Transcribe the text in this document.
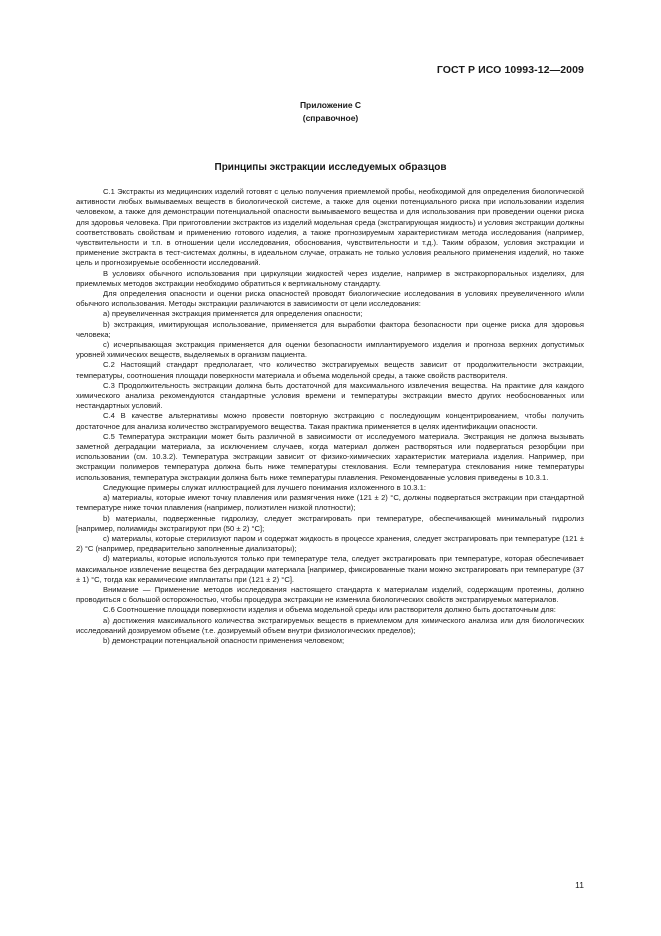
ГОСТ Р ИСО 10993-12—2009
Приложение С
(справочное)
Принципы экстракции исследуемых образцов

С.1 Экстракты из медицинских изделий готовят с целью получения приемлемой пробы, необходимой для определения биологической активности любых вымываемых веществ в биологической системе, а также для оценки потенциального риска при использовании изделия человеком, а также для демонстрации потенциальной опасности вымываемого вещества и для использования при проведении оценки риска для здоровья человека. При приготовлении экстрактов из изделий модельная среда (экстрагирующая жидкость) и условия экстракции должны соответствовать свойствам и применению готового изделия, а также прогнозируемым характеристикам метода исследования (например, чувствительности и т.п. в отношении цели исследования, обоснования, чувствительности и т.д.). Таким образом, условия экстракции и применение экстракта в тест-системах должны, в идеальном случае, отражать не только условия реального применения изделий, но также цель и прогнозируемые особенности исследований.

В условиях обычного использования при циркуляции жидкостей через изделие, например в экстракорпоральных изделиях, для приемлемых методов экстракции необходимо обратиться к вертикальному стандарту.

Для определения опасности и оценки риска опасностей проводят биологические исследования в условиях преувеличенного и/или обычного использования. Методы экстракции различаются в зависимости от цели исследования:

a) преувеличенная экстракция применяется для определения опасности;

b) экстракция, имитирующая использование, применяется для выработки фактора безопасности при оценке риска для здоровья человека;

c) исчерпывающая экстракция применяется для оценки безопасности имплантируемого изделия и прогноза верхних допустимых уровней химических веществ, выделяемых в организм пациента.

С.2 Настоящий стандарт предполагает, что количество экстрагируемых веществ зависит от продолжительности экстракции, температуры, соотношения площади поверхности материала и объема модельной среды, а также свойств растворителя.

С.3 Продолжительность экстракции должна быть достаточной для максимального извлечения вещества. На практике для каждого химического анализа рекомендуются стандартные условия времени и температуры экстракции вместо других необоснованных или нестандартных условий.

С.4 В качестве альтернативы можно провести повторную экстракцию с последующим концентрированием, чтобы получить достаточное для анализа количество экстрагируемого вещества. Такая практика применяется в целях идентификации опасности.

С.5 Температура экстракции может быть различной в зависимости от исследуемого материала. Экстракция не должна вызывать заметной деградации материала, за исключением случаев, когда материал должен растворяться или подвергаться резорбции при использовании (см. 10.3.2). Температура экстракции зависит от физико-химических характеристик материала изделия. Например, при экстракции полимеров температура должна быть ниже температуры стеклования. Если температура стеклования ниже температуры использования, температура экстракции должна быть ниже температуры плавления. Рекомендованные условия приведены в 10.3.1.

Следующие примеры служат иллюстрацией для лучшего понимания изложенного в 10.3.1:

a) материалы, которые имеют точку плавления или размягчения ниже (121 ± 2) °С, должны подвергаться экстракции при стандартной температуре ниже точки плавления (например, полиэтилен низкой плотности);

b) материалы, подверженные гидролизу, следует экстрагировать при температуре, обеспечивающей минимальный гидролиз [например, полиамиды экстрагируют при (50 ± 2) °С];

c) материалы, которые стерилизуют паром и содержат жидкость в процессе хранения, следует экстрагировать при температуре (121 ± 2) °С (например, предварительно заполненные диализаторы);

d) материалы, которые используются только при температуре тела, следует экстрагировать при температуре, которая обеспечивает максимальное извлечение вещества без деградации материала [например, фиксированные ткани можно экстрагировать при температуре (37 ± 1) °С, тогда как керамические имплантаты при (121 ± 2) °С].

Внимание — Применение методов исследования настоящего стандарта к материалам изделий, содержащим протеины, должно проводиться с большой осторожностью, чтобы процедура экстракции не изменила биологических свойств экстрагируемых материалов.

С.6 Соотношение площади поверхности изделия и объема модельной среды или растворителя должно быть достаточным для:

a) достижения максимального количества экстрагируемых веществ в приемлемом для химического анализа или для биологических исследований дозируемом объеме (т.е. дозируемый объем внутри физиологических пределов);

b) демонстрации потенциальной опасности применения человеком;

11
